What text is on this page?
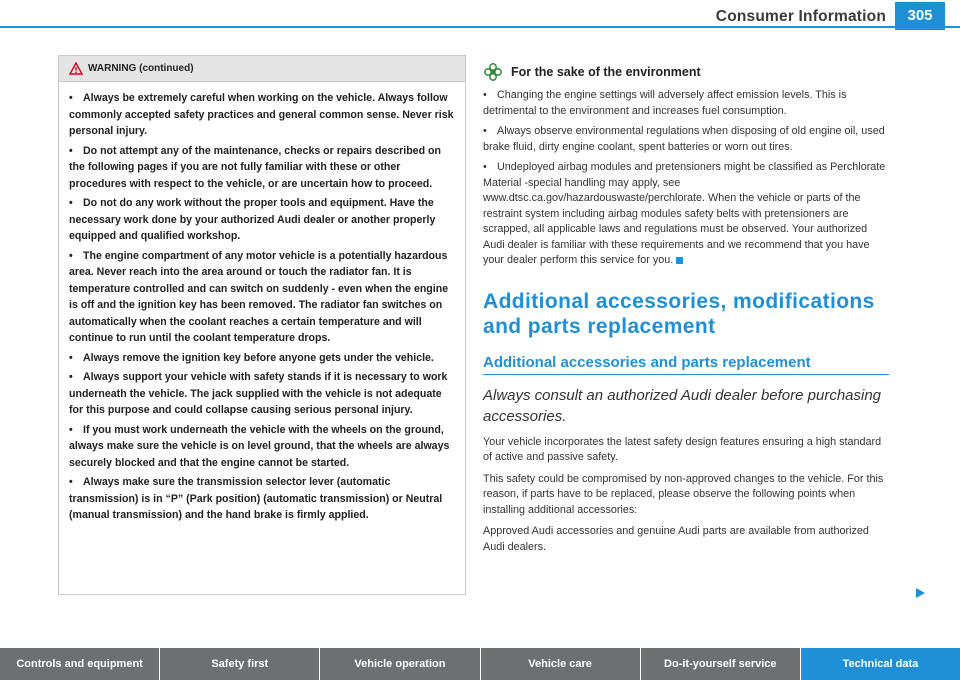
Consumer Information	305
WARNING (continued)
• Always be extremely careful when working on the vehicle. Always follow commonly accepted safety practices and general common sense. Never risk personal injury.
• Do not attempt any of the maintenance, checks or repairs described on the following pages if you are not fully familiar with these or other procedures with respect to the vehicle, or are uncertain how to proceed.
• Do not do any work without the proper tools and equipment. Have the necessary work done by your authorized Audi dealer or another properly equipped and qualified workshop.
• The engine compartment of any motor vehicle is a potentially hazardous area. Never reach into the area around or touch the radiator fan. It is temperature controlled and can switch on suddenly - even when the engine is off and the ignition key has been removed. The radiator fan switches on automatically when the coolant reaches a certain temperature and will continue to run until the coolant temperature drops.
• Always remove the ignition key before anyone gets under the vehicle.
• Always support your vehicle with safety stands if it is necessary to work underneath the vehicle. The jack supplied with the vehicle is not adequate for this purpose and could collapse causing serious personal injury.
• If you must work underneath the vehicle with the wheels on the ground, always make sure the vehicle is on level ground, that the wheels are always securely blocked and that the engine cannot be started.
• Always make sure the transmission selector lever (automatic transmission) is in “P” (Park position) (automatic transmission) or Neutral (manual transmission) and the hand brake is firmly applied.
For the sake of the environment
• Changing the engine settings will adversely affect emission levels. This is detrimental to the environment and increases fuel consumption.
• Always observe environmental regulations when disposing of old engine oil, used brake fluid, dirty engine coolant, spent batteries or worn out tires.
• Undeployed airbag modules and pretensioners might be classified as Perchlorate Material -special handling may apply, see www.dtsc.ca.gov/hazardouswaste/perchlorate. When the vehicle or parts of the restraint system including airbag modules safety belts with pretensioners are scrapped, all applicable laws and regulations must be observed. Your authorized Audi dealer is familiar with these requirements and we recommend that you have your dealer perform this service for you.
Additional accessories, modifications and parts replacement
Additional accessories and parts replacement
Always consult an authorized Audi dealer before purchasing accessories.
Your vehicle incorporates the latest safety design features ensuring a high standard of active and passive safety.
This safety could be compromised by non-approved changes to the vehicle. For this reason, if parts have to be replaced, please observe the following points when installing additional accessories:
Approved Audi accessories and genuine Audi parts are available from authorized Audi dealers.
Controls and equipment	Safety first	Vehicle operation	Vehicle care	Do-it-yourself service	Technical data
